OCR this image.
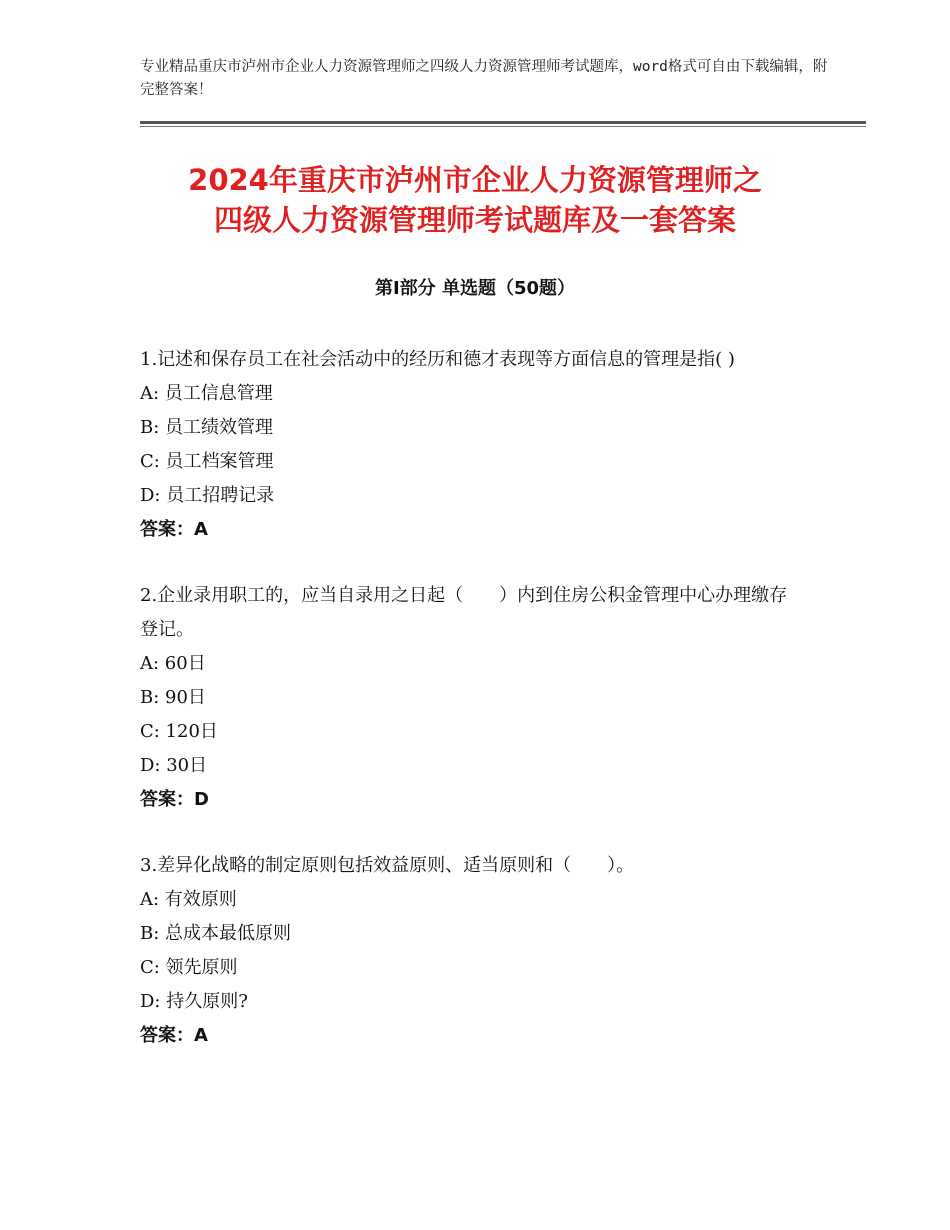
专业精品重庆市泸州市企业人力资源管理师之四级人力资源管理师考试题库，word格式可自由下载编辑，附完整答案！
2024年重庆市泸州市企业人力资源管理师之
四级人力资源管理师考试题库及一套答案
第Ⅰ部分 单选题（50题）
1.记述和保存员工在社会活动中的经历和德才表现等方面信息的管理是指( )
A: 员工信息管理
B: 员工绩效管理
C: 员工档案管理
D: 员工招聘记录
答案：A
2.企业录用职工的，应当自录用之日起（　　）内到住房公积金管理中心办理缴存登记。
A: 60日
B: 90日
C: 120日
D: 30日
答案：D
3.差异化战略的制定原则包括效益原则、适当原则和（　　）。
A: 有效原则
B: 总成本最低原则
C: 领先原则
D: 持久原则?
答案：A
